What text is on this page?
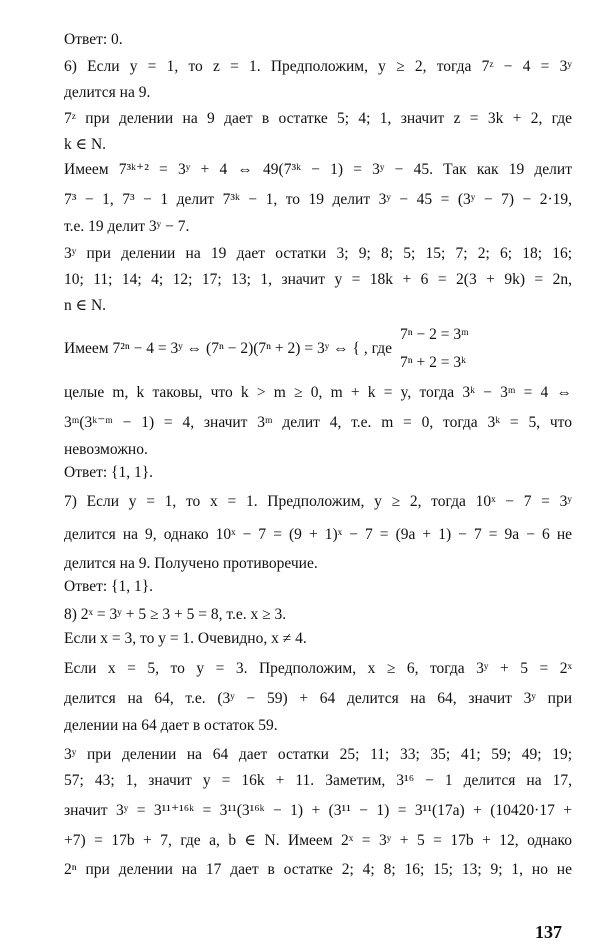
Ответ: 0.
6) Если y = 1, то z = 1. Предположим, y ≥ 2, тогда 7ᶻ − 4 = 3ʸ
делится на 9.
7ᶻ при делении на 9 дает в остатке 5; 4; 1, значит z = 3k + 2, где
k ∈ N.
Имеем 7³ᵏ⁺² = 3ʸ + 4 ⇔ 49(7³ᵏ − 1) = 3ʸ − 45. Так как 19 делит
7³ − 1, 7³ − 1 делит 7³ᵏ − 1, то 19 делит 3ʸ − 45 = (3ʸ − 7) − 2·19,
т.е. 19 делит 3ʸ − 7.
3ʸ при делении на 19 дает остатки 3; 9; 8; 5; 15; 7; 2; 6; 18; 16;
10; 11; 14; 4; 12; 17; 13; 1, значит y = 18k + 6 = 2(3 + 9k) = 2n,
n ∈ N.
7ⁿ − 2 = 3ᵐ
Имеем 7²ⁿ − 4 = 3ʸ ⇔ (7ⁿ − 2)(7ⁿ + 2) = 3ʸ ⇔ { , где
7ⁿ + 2 = 3ᵏ
целые m, k таковы, что k > m ≥ 0, m + k = y, тогда 3ᵏ − 3ᵐ = 4 ⇔
3ᵐ(3ᵏ⁻ᵐ − 1) = 4, значит 3ᵐ делит 4, т.е. m = 0, тогда 3ᵏ = 5, что
невозможно.
Ответ: {1, 1}.
7) Если y = 1, то x = 1. Предположим, y ≥ 2, тогда 10ˣ − 7 = 3ʸ
делится на 9, однако 10ˣ − 7 = (9 + 1)ˣ − 7 = (9a + 1) − 7 = 9a − 6 не
делится на 9. Получено противоречие.
Ответ: {1, 1}.
8) 2ˣ = 3ʸ + 5 ≥ 3 + 5 = 8, т.е. x ≥ 3.
Если x = 3, то y = 1. Очевидно, x ≠ 4.
Если x = 5, то y = 3. Предположим, x ≥ 6, тогда 3ʸ + 5 = 2ˣ
делится на 64, т.е. (3ʸ − 59) + 64 делится на 64, значит 3ʸ при
делении на 64 дает в остаток 59.
3ʸ при делении на 64 дает остатки 25; 11; 33; 35; 41; 59; 49; 19;
57; 43; 1, значит y = 16k + 11. Заметим, 3¹⁶ − 1 делится на 17,
значит 3ʸ = 3¹¹⁺¹⁶ᵏ = 3¹¹(3¹⁶ᵏ − 1) + (3¹¹ − 1) = 3¹¹(17a) + (10420·17 +
+7) = 17b + 7, где a, b ∈ N. Имеем 2ˣ = 3ʸ + 5 = 17b + 12, однако
2ⁿ при делении на 17 дает в остатке 2; 4; 8; 16; 15; 13; 9; 1, но не
137
